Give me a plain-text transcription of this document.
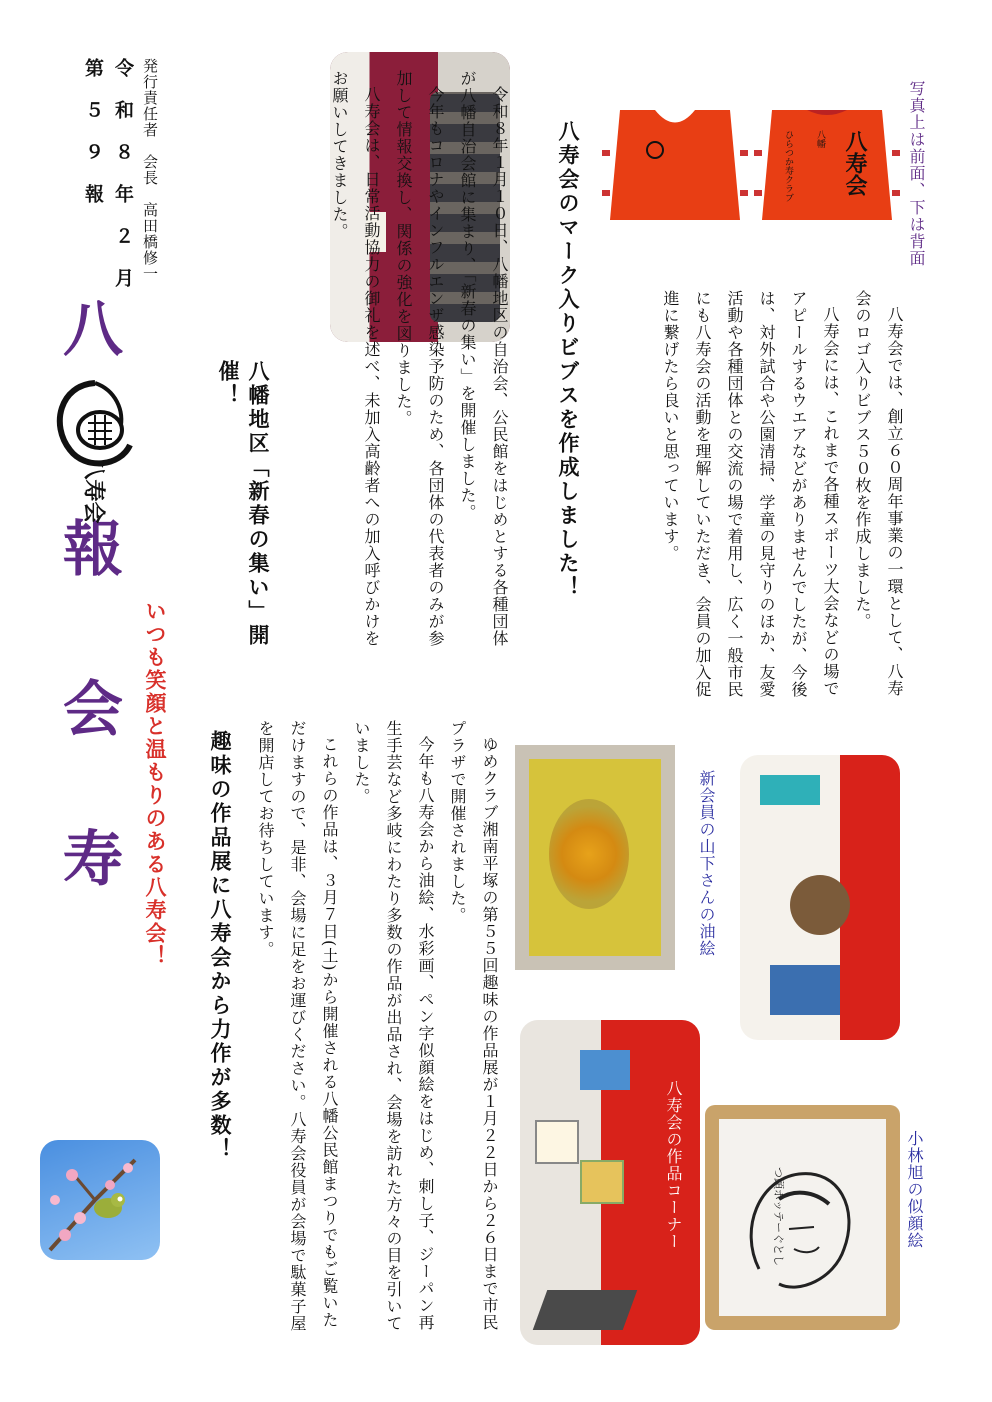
八
寿
会
報
いつも笑顔と温もりのある八寿会！
第　５　９　報 令　和　８　年　２　月 発行責任者　会長　高田橋修一
八寿会	八幡地区「新春の集い」開催！	令和８年１月１０日、八幡地区の自治会、公民館をはじめとする各種団体が八幡自治会館に集まり、「新春の集い」を開催しました。

今年もコロナやインフルエンザ感染予防のため、各団体の代表者のみが参加して情報交換し、関係の強化を図りました。

八寿会は、日常活動協力の御礼を述べ、未加入高齢者への加入呼びかけをお願いしてきました。	八寿会のマーク入りビブスを作成しました！	八寿会では、創立６０周年事業の一環として、八寿会のロゴ入りビブス５０枚を作成しました。

八寿会には、これまで各種スポーツ大会などの場でアピールするウエアなどがありませんでしたが、今後は、対外試合や公園清掃、学童の見守りのほか、友愛活動や各種団体との交流の場で着用し、広く一般市民にも八寿会の活動を理解していただき、会員の加入促進に繋げたら良いと思っています。

ひらつか寿クラブ 八幡 八寿会 写真上は前面、下は背面
趣味の作品展に八寿会から力作が多数！	ゆめクラブ湘南平塚の第５５回趣味の作品展が１月２２日から２６日まで市民プラザで開催されました。

今年も八寿会から油絵、水彩画、ペン字似顔絵をはじめ、刺し子、ジーパン再生手芸など多岐にわたり多数の作品が出品され、会場を訪れた方々の目を引いていました。

これらの作品は、３月７日(土)から開催される八幡公民館まつりでもご覧いただけますので、是非、会場に足をお運びください。八寿会役員が会場で駄菓子屋を開店してお待ちしています。

八寿会の作品コーナー
新会員の山下さんの油絵
つ頭ホッテーぐとし	小林旭の似顔絵
